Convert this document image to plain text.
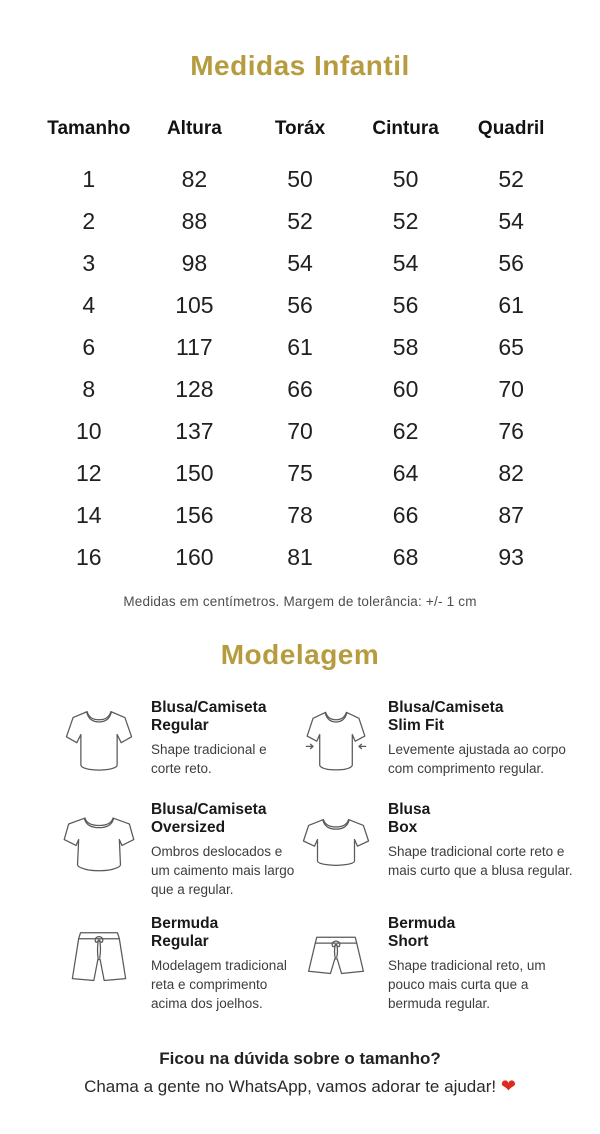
Medidas Infantil
Tamanho	Altura	Toráx	Cintura	Quadril
1	82	50	50	52
2	88	52	52	54
3	98	54	54	56
4	105	56	56	61
6	117	61	58	65
8	128	66	60	70
10	137	70	62	76
12	150	75	64	82
14	156	78	66	87
16	160	81	68	93
Medidas em centímetros. Margem de tolerância: +/- 1 cm
Modelagem
Blusa/Camiseta
Regular
Shape tradicional e corte reto.
Blusa/Camiseta
Slim Fit
Levemente ajustada ao corpo com comprimento regular.
Blusa/Camiseta
Oversized
Ombros deslocados e um caimento mais largo que a regular.
Blusa
Box
Shape tradicional corte reto e mais curto que a blusa regular.
Bermuda
Regular
Modelagem tradicional reta e comprimento acima dos joelhos.
Bermuda
Short
Shape tradicional reto, um pouco mais curta que a bermuda regular.
Ficou na dúvida sobre o tamanho?
Chama a gente no WhatsApp, vamos adorar te ajudar! ❤
